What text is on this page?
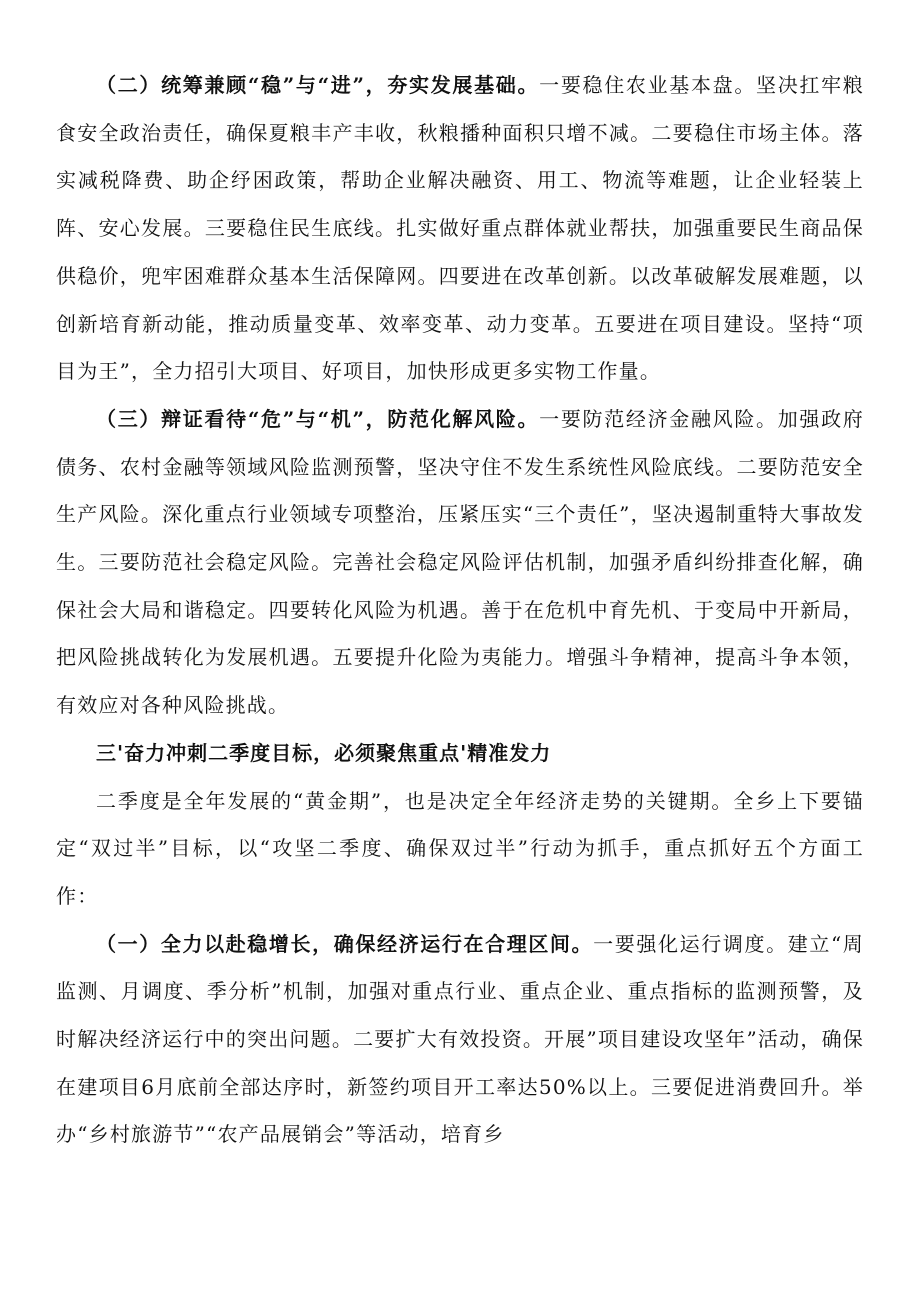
（二）统筹兼顾“稳”与“进”，夯实发展基础。一要稳住农业基本盘。坚决扛牢粮食安全政治责任，确保夏粮丰产丰收，秋粮播种面积只增不减。二要稳住市场主体。落实减税降费、助企纾困政策，帮助企业解决融资、用工、物流等难题，让企业轻装上阵、安心发展。三要稳住民生底线。扎实做好重点群体就业帮扶，加强重要民生商品保供稳价，兜牢困难群众基本生活保障网。四要进在改革创新。以改革破解发展难题，以创新培育新动能，推动质量变革、效率变革、动力变革。五要进在项目建设。坚持“项目为王”，全力招引大项目、好项目，加快形成更多实物工作量。

（三）辩证看待“危”与“机”，防范化解风险。一要防范经济金融风险。加强政府债务、农村金融等领域风险监测预警，坚决守住不发生系统性风险底线。二要防范安全生产风险。深化重点行业领域专项整治，压紧压实“三个责任”，坚决遏制重特大事故发生。三要防范社会稳定风险。完善社会稳定风险评估机制，加强矛盾纠纷排查化解，确保社会大局和谐稳定。四要转化风险为机遇。善于在危机中育先机、于变局中开新局，把风险挑战转化为发展机遇。五要提升化险为夷能力。增强斗争精神，提高斗争本领，有效应对各种风险挑战。

三'奋力冲刺二季度目标，必须聚焦重点'精准发力

二季度是全年发展的“黄金期”，也是决定全年经济走势的关键期。全乡上下要锚定“双过半”目标，以“攻坚二季度、确保双过半”行动为抓手，重点抓好五个方面工作：

（一）全力以赴稳增长，确保经济运行在合理区间。一要强化运行调度。建立“周监测、月调度、季分析”机制，加强对重点行业、重点企业、重点指标的监测预警，及时解决经济运行中的突出问题。二要扩大有效投资。开展”项目建设攻坚年”活动，确保在建项目6月底前全部达序时，新签约项目开工率达50%以上。三要促进消费回升。举办“乡村旅游节”“农产品展销会”等活动，培育乡
